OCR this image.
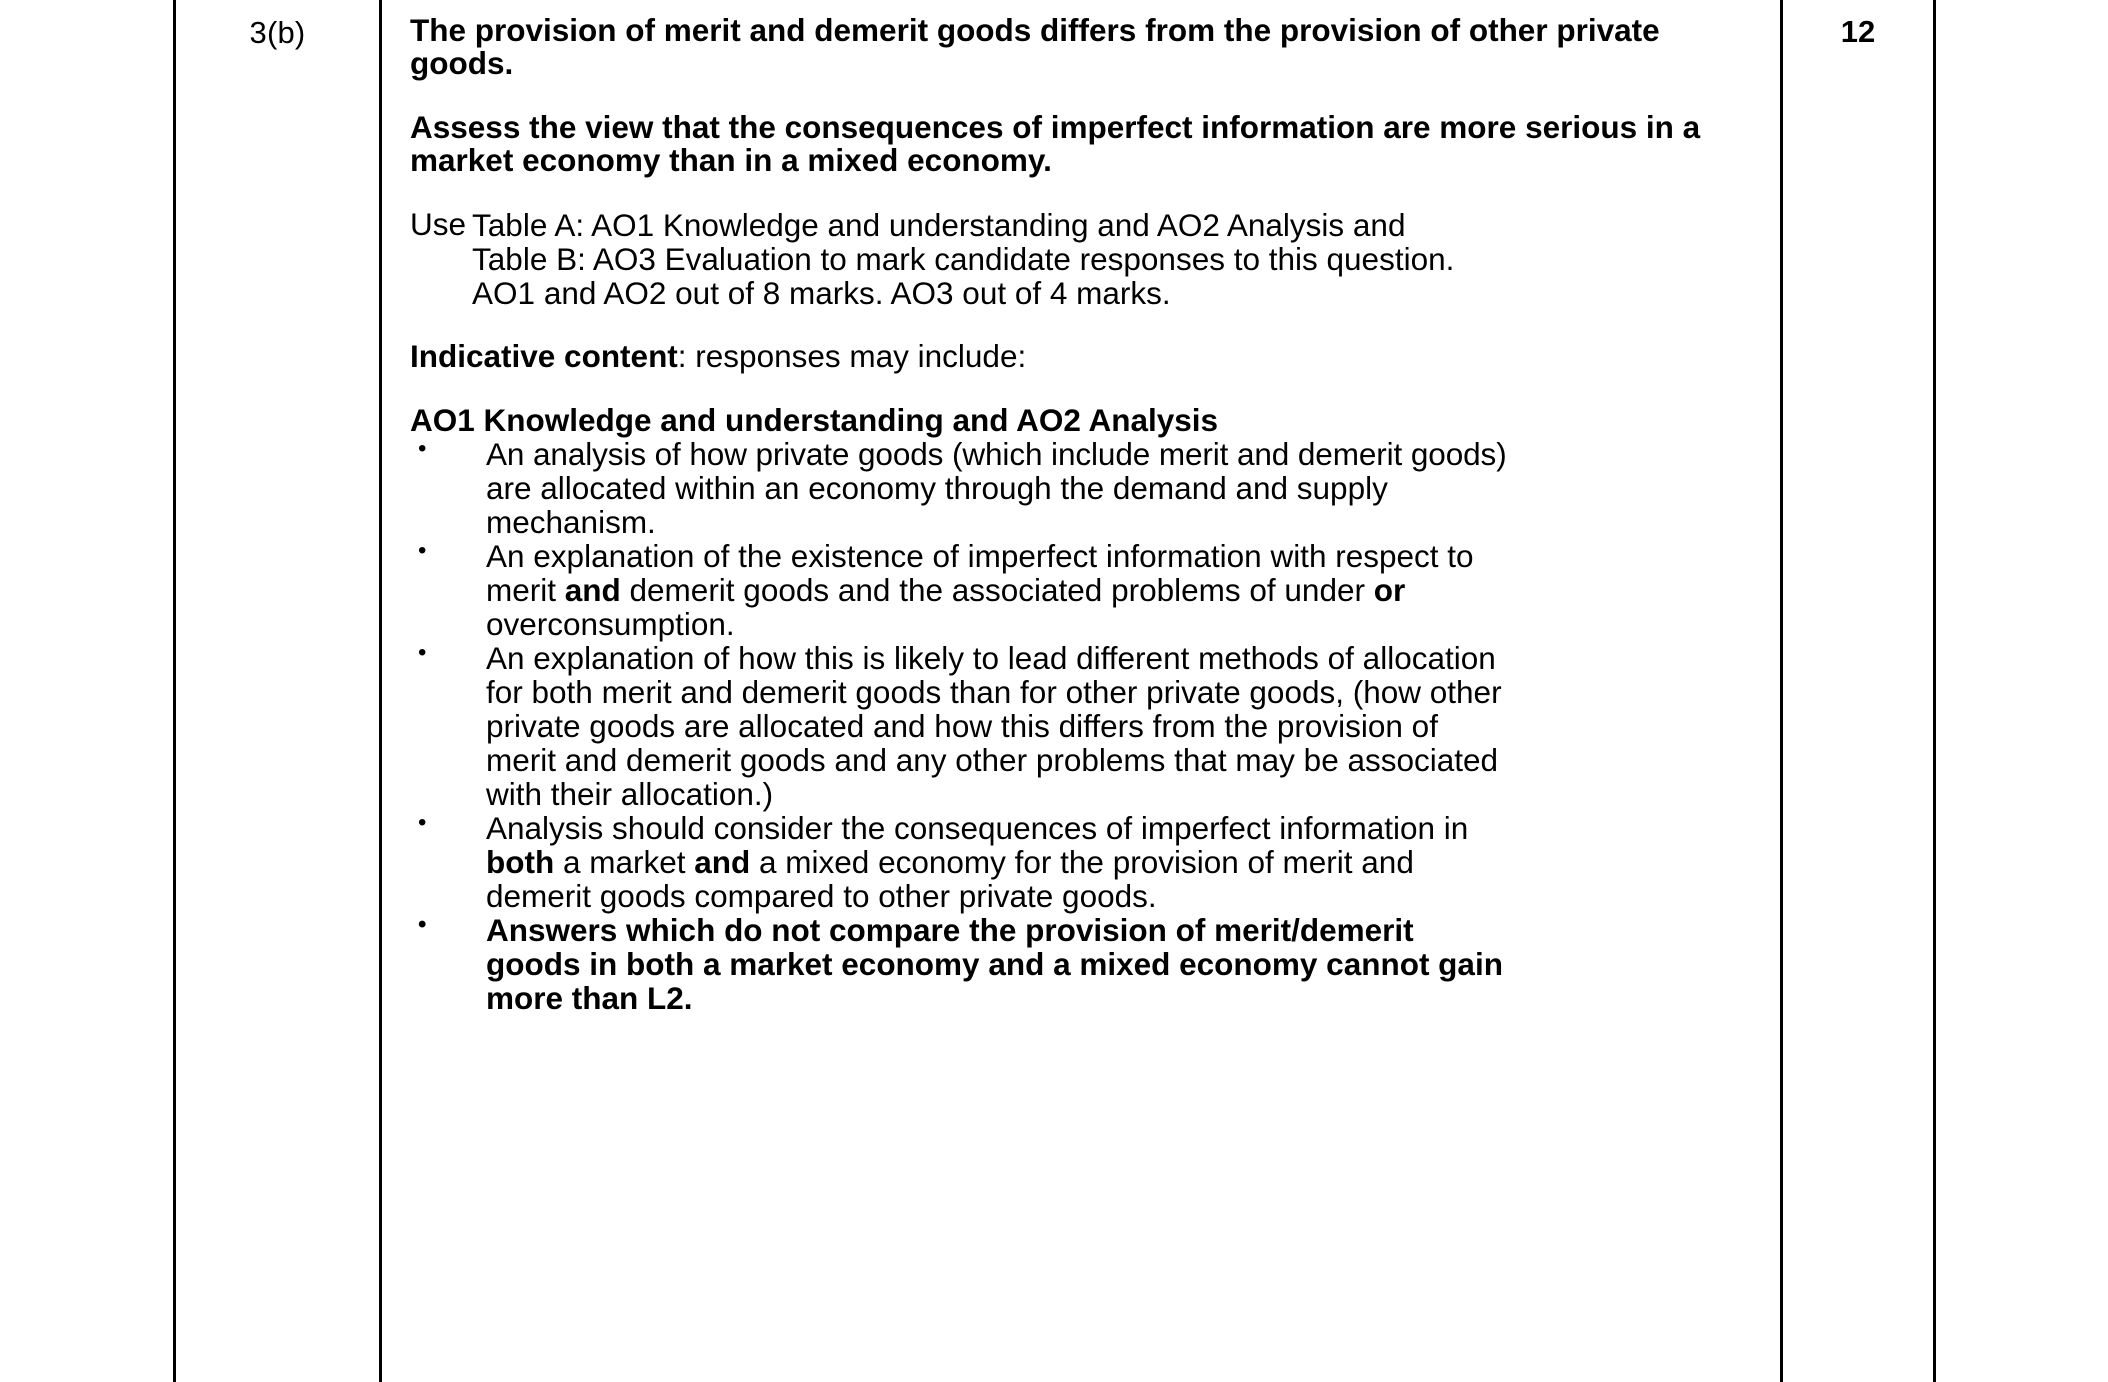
3(b)	The provision of merit and demerit goods differs from the provision of other private goods.
Assess the view that the consequences of imperfect information are more serious in a market economy than in a mixed economy.
Use Table A: AO1 Knowledge and understanding and AO2 Analysis and
Table B: AO3 Evaluation to mark candidate responses to this question.
AO1 and AO2 out of 8 marks. AO3 out of 4 marks.
Indicative content: responses may include:
AO1 Knowledge and understanding and AO2 Analysis
• An analysis of how private goods (which include merit and demerit goods)
are allocated within an economy through the demand and supply
mechanism.
• An explanation of the existence of imperfect information with respect to
merit and demerit goods and the associated problems of under or
overconsumption.
• An explanation of how this is likely to lead different methods of allocation
for both merit and demerit goods than for other private goods, (how other
private goods are allocated and how this differs from the provision of
merit and demerit goods and any other problems that may be associated
with their allocation.)
• Analysis should consider the consequences of imperfect information in
both a market and a mixed economy for the provision of merit and
demerit goods compared to other private goods.
• Answers which do not compare the provision of merit/demerit
goods in both a market economy and a mixed economy cannot gain
more than L2.
12
